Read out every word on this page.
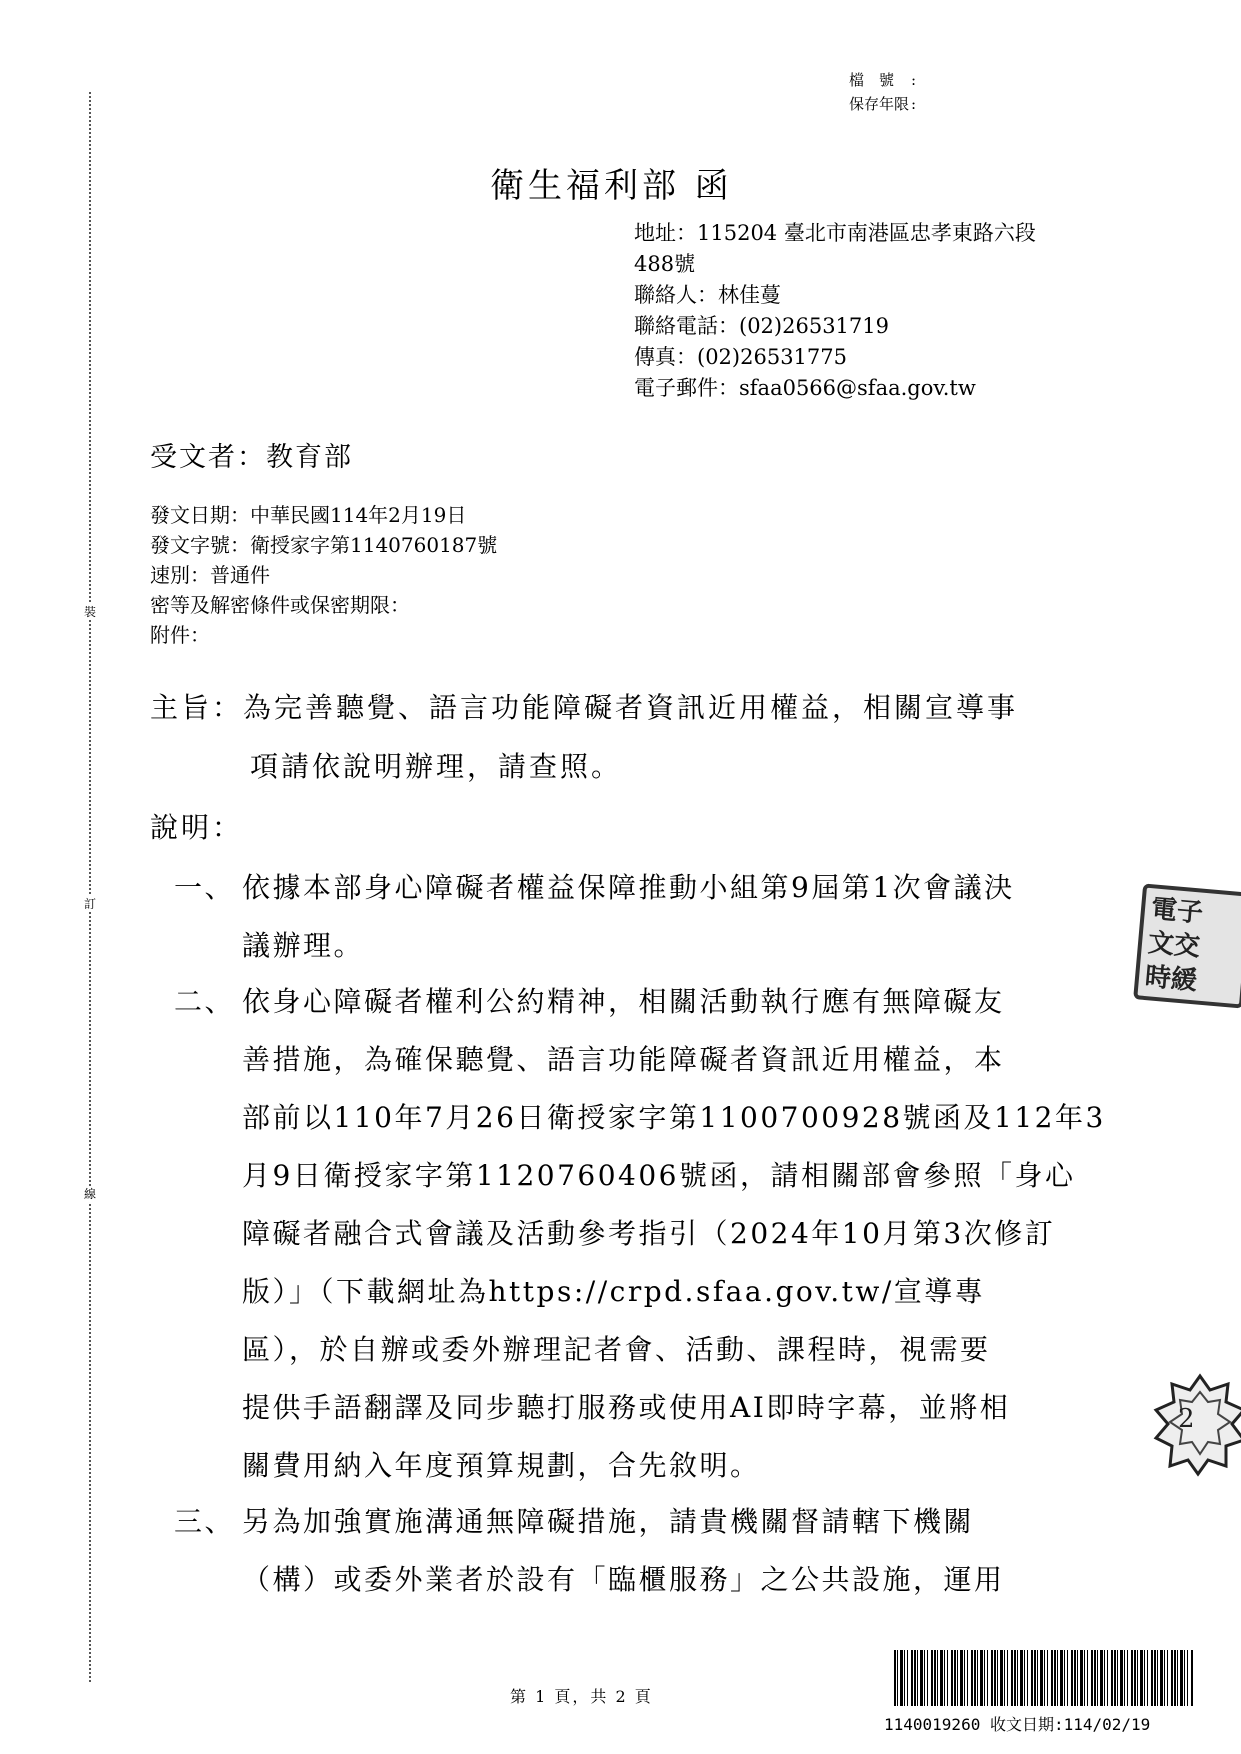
裝
訂
線
檔　號	:
保存年限 :
衛生福利部 函
地址：115204 臺北市南港區忠孝東路六段
488號
聯絡人：林佳蔓
聯絡電話：(02)26531719
傳真：(02)26531775
電子郵件：sfaa0566@sfaa.gov.tw
受文者：教育部
發文日期：中華民國114年2月19日
發文字號：衛授家字第1140760187號
速別：普通件
密等及解密條件或保密期限：
附件：
主旨：為完善聽覺、語言功能障礙者資訊近用權益，相關宣導事
項請依說明辦理，請查照。
說明：
一、 依據本部身心障礙者權益保障推動小組第9屆第1次會議決
議辦理。
二、 依身心障礙者權利公約精神，相關活動執行應有無障礙友
善措施，為確保聽覺、語言功能障礙者資訊近用權益，本
部前以110年7月26日衛授家字第1100700928號函及112年3
月9日衛授家字第1120760406號函，請相關部會參照「身心
障礙者融合式會議及活動參考指引（2024年10月第3次修訂
版）」（下載網址為https://crpd.sfaa.gov.tw/宣導專
區），於自辦或委外辦理記者會、活動、課程時，視需要
提供手語翻譯及同步聽打服務或使用AI即時字幕，並將相
關費用納入年度預算規劃，合先敘明。
三、 另為加強實施溝通無障礙措施，請貴機關督請轄下機關
（構）或委外業者於設有「臨櫃服務」之公共設施，運用
電子
文交
時緩
2
第 1 頁，共 2 頁
1140019260 收文日期:114/02/19
